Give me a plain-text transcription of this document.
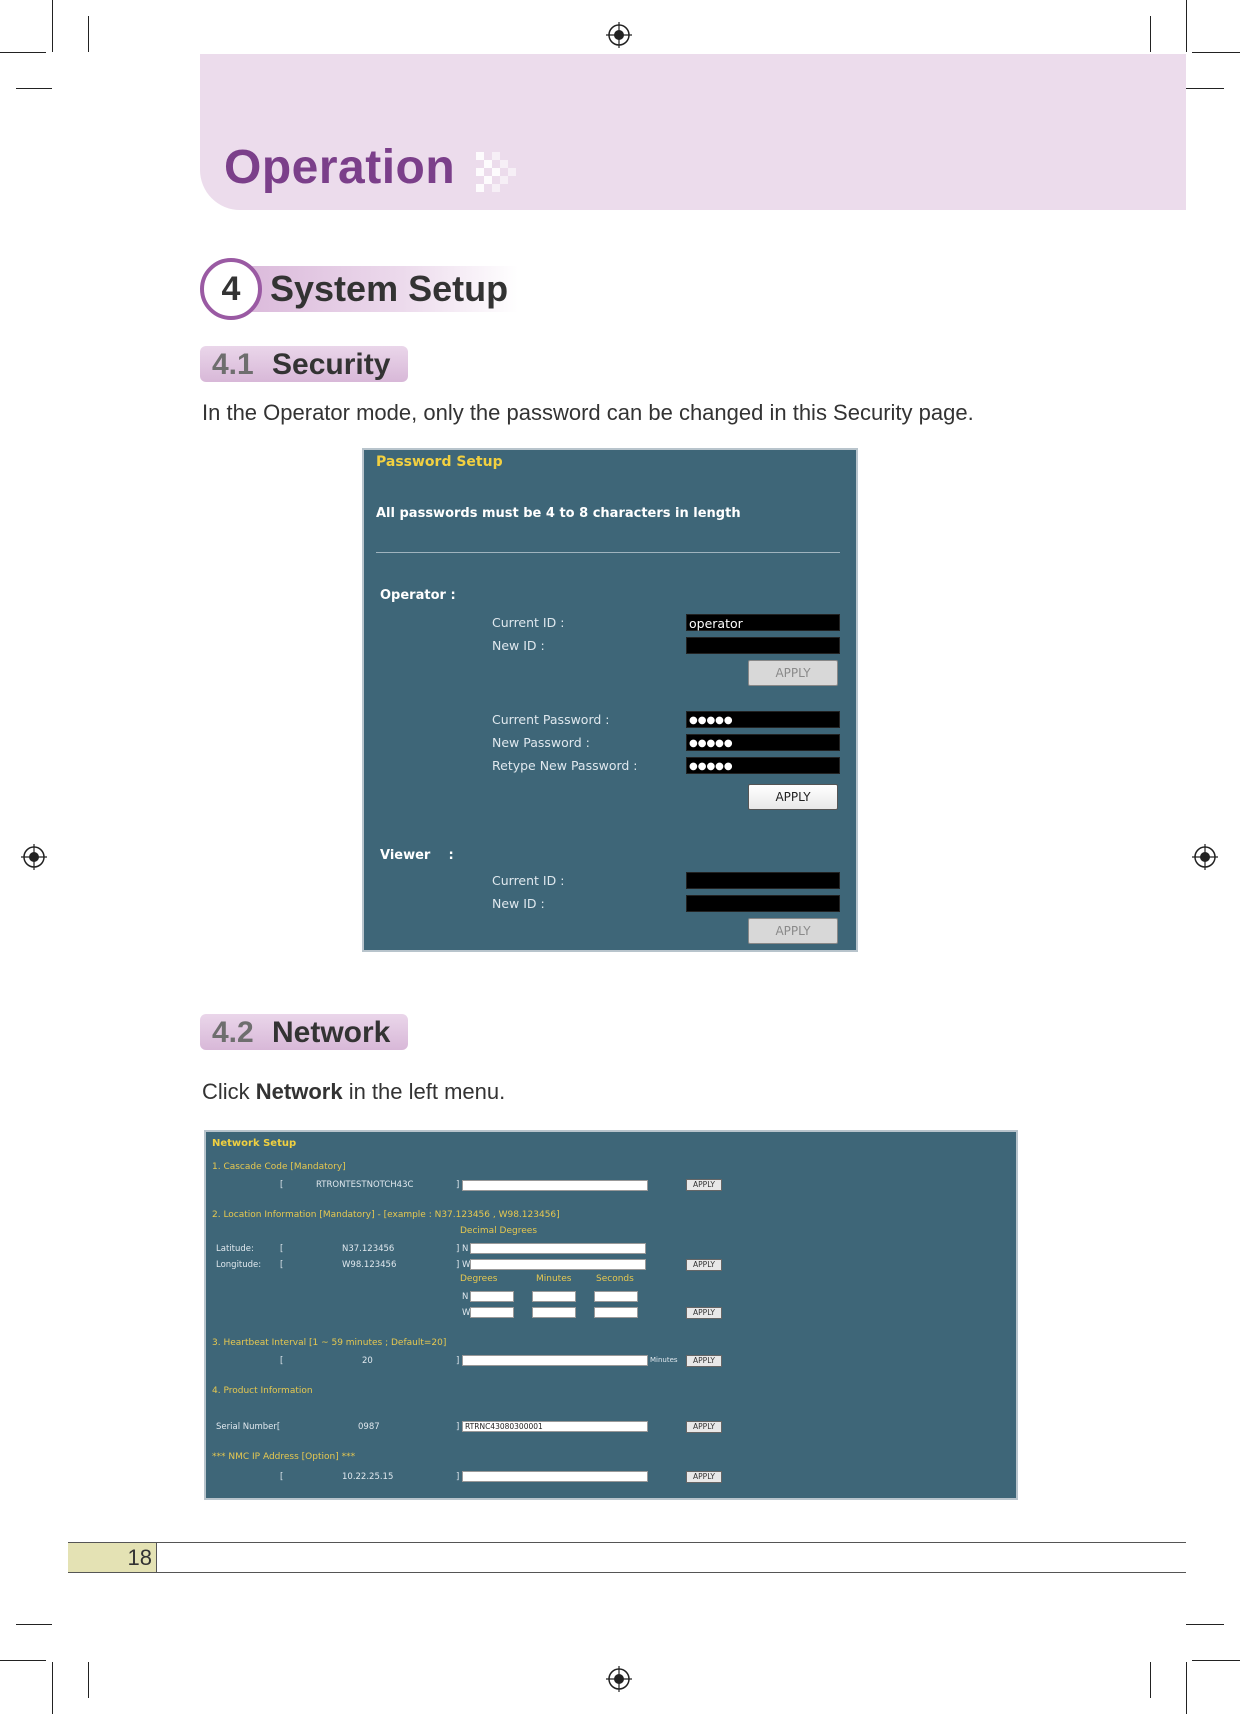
Operation
4 System Setup
4.1 Security
In the Operator mode, only the password can be changed in this Security page.
Password Setup
All passwords must be 4 to 8 characters in length
Operator :
Current ID :	operator
New ID :
APPLY
Current Password :	●●●●●
New Password :	●●●●●
Retype New Password :	●●●●●
APPLY
Viewer    :
Current ID :
New ID :
APPLY
4.2 Network
Click Network in the left menu.
Network Setup
1. Cascade Code [Mandatory]
[	RTRONTESTNOTCH43C	]	APPLY
2. Location Information [Mandatory] - [example : N37.123456 , W98.123456]
Decimal Degrees
Latitude:	[	N37.123456	] N
Longitude: [	W98.123456	] W	APPLY
Degrees	Minutes	Seconds
N
W	APPLY
3. Heartbeat Interval [1 ~ 59 minutes ; Default=20]
[	20	]	Minutes	APPLY
4. Product Information
Serial Number[	0987	] RTRNC43080300001	APPLY
*** NMC IP Address [Option] ***
[	10.22.25.15	]	APPLY
18
